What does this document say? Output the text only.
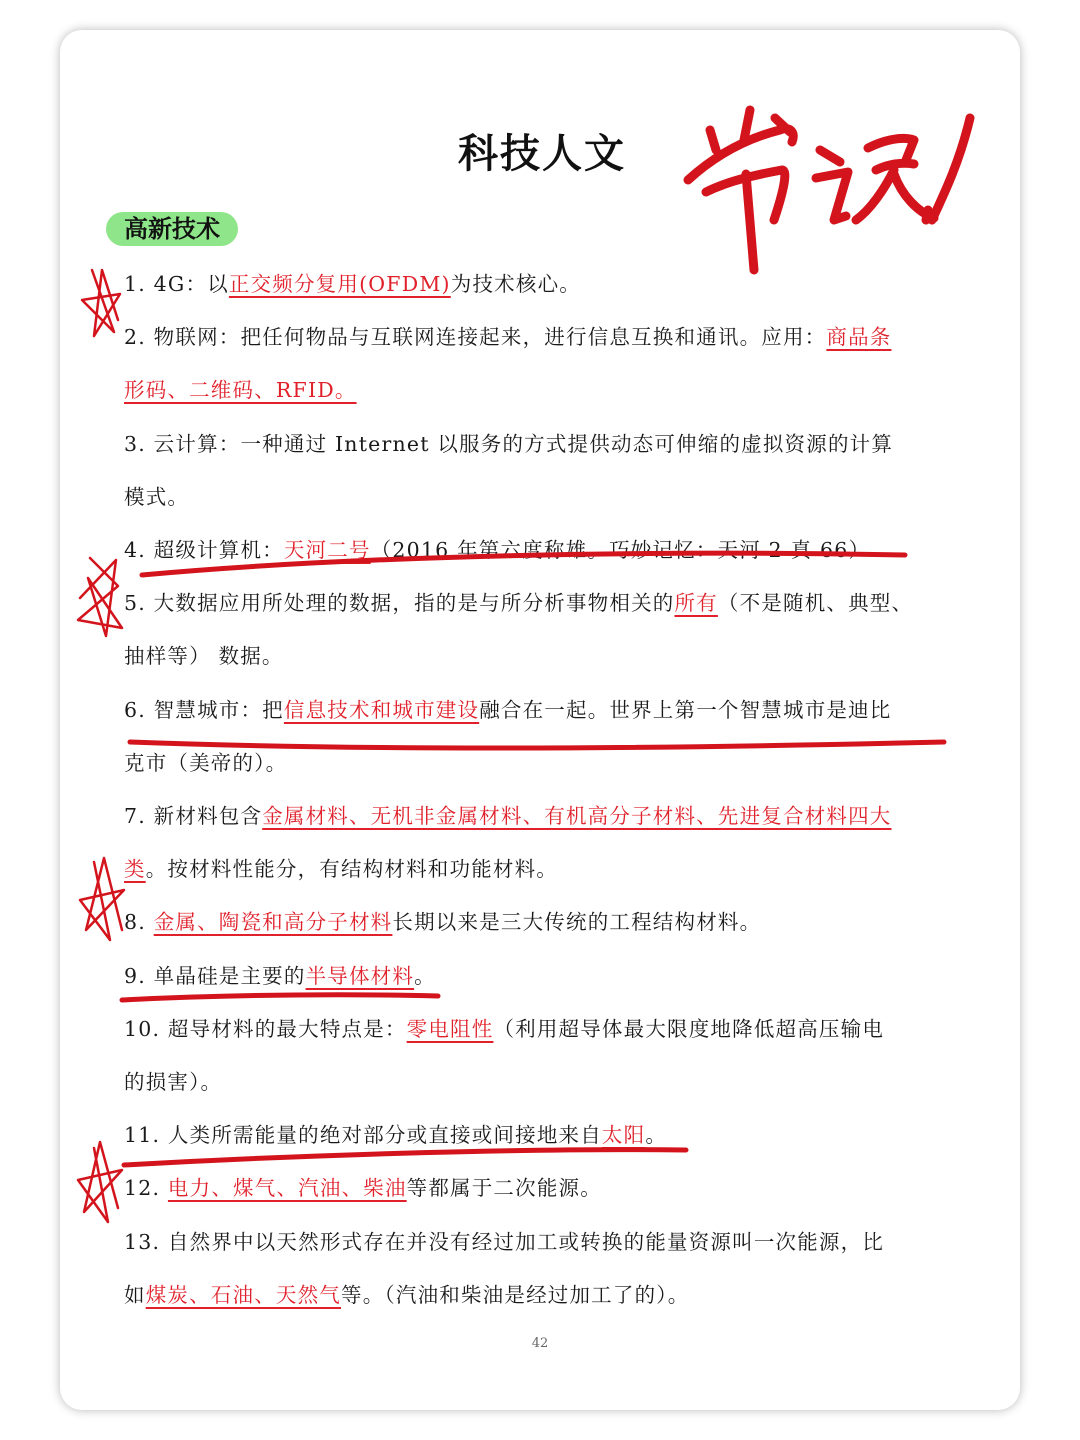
科技人文
高新技术
1. 4G：以正交频分复用(OFDM)为技术核心。
2. 物联网：把任何物品与互联网连接起来，进行信息互换和通讯。应用：商品条
形码、二维码、RFID。
3. 云计算：一种通过 Internet 以服务的方式提供动态可伸缩的虚拟资源的计算
模式。
4. 超级计算机：天河二号（2016 年第六度称雄。巧妙记忆：天河 2 真 66）
5. 大数据应用所处理的数据，指的是与所分析事物相关的所有（不是随机、典型、
抽样等） 数据。
6. 智慧城市：把信息技术和城市建设融合在一起。世界上第一个智慧城市是迪比
克市（美帝的）。
7. 新材料包含金属材料、无机非金属材料、有机高分子材料、先进复合材料四大
类。按材料性能分，有结构材料和功能材料。
8. 金属、陶瓷和高分子材料长期以来是三大传统的工程结构材料。
9. 单晶硅是主要的半导体材料。
10. 超导材料的最大特点是：零电阻性（利用超导体最大限度地降低超高压输电
的损害）。
11. 人类所需能量的绝对部分或直接或间接地来自太阳。
12. 电力、煤气、汽油、柴油等都属于二次能源。
13. 自然界中以天然形式存在并没有经过加工或转换的能量资源叫一次能源，比
如煤炭、石油、天然气等。（汽油和柴油是经过加工了的）。
42
